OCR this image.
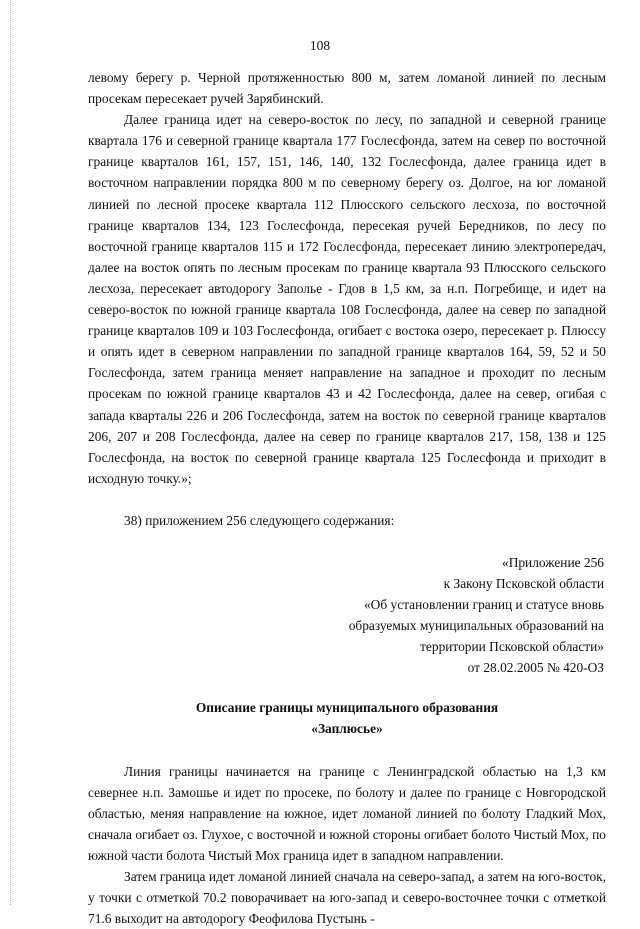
108

левому берегу р. Черной протяженностью 800 м, затем ломаной линией по лесным просекам пересекает ручей Зарябинский.

Далее граница идет на северо-восток по лесу, по западной и северной границе квартала 176 и северной границе квартала 177 Гослесфонда, затем на север по восточной границе кварталов 161, 157, 151, 146, 140, 132 Гослесфонда, далее граница идет в восточном направлении порядка 800 м по северному берегу оз. Долгое, на юг ломаной линией по лесной просеке квартала 112 Плюсского сельского лесхоза, по восточной границе кварталов 134, 123 Гослесфонда, пересекая ручей Бередников, по лесу по восточной границе кварталов 115 и 172 Гослесфонда, пересекает линию электропередач, далее на восток опять по лесным просекам по границе квартала 93 Плюсского сельского лесхоза, пересекает автодорогу Заполье - Гдов в 1,5 км, за н.п. Погребище, и идет на северо-восток по южной границе квартала 108 Гослесфонда, далее на север по западной границе кварталов 109 и 103 Гослесфонда, огибает с востока озеро, пересекает р. Плюссу и опять идет в северном направлении по западной границе кварталов 164, 59, 52 и 50 Гослесфонда, затем граница меняет направление на западное и проходит по лесным просекам по южной границе кварталов 43 и 42 Гослесфонда, далее на север, огибая с запада кварталы 226 и 206 Гослесфонда, затем на восток по северной границе кварталов 206, 207 и 208 Гослесфонда, далее на север по границе кварталов 217, 158, 138 и 125 Гослесфонда, на восток по северной границе квартала 125 Гослесфонда и приходит в исходную точку.»;

38) приложением 256 следующего содержания:

«Приложение 256
к Закону Псковской области
«Об установлении границ и статусе вновь
образуемых муниципальных образований на
территории Псковской области»
от 28.02.2005 № 420-ОЗ
Описание границы муниципального образования
«Заплюсье»

Линия границы начинается на границе с Ленинградской областью на 1,3 км севернее н.п. Замошье и идет по просеке, по болоту и далее по границе с Новгородской областью, меняя направление на южное, идет ломаной линией по болоту Гладкий Мох, сначала огибает оз. Глухое, с восточной и южной стороны огибает болото Чистый Мох, по южной части болота Чистый Мох граница идет в западном направлении.

Затем граница идет ломаной линией сначала на северо-запад, а затем на юго-восток, у точки с отметкой 70.2 поворачивает на юго-запад и северо-восточнее точки с отметкой 71.6 выходит на автодорогу Феофилова Пустынь -
